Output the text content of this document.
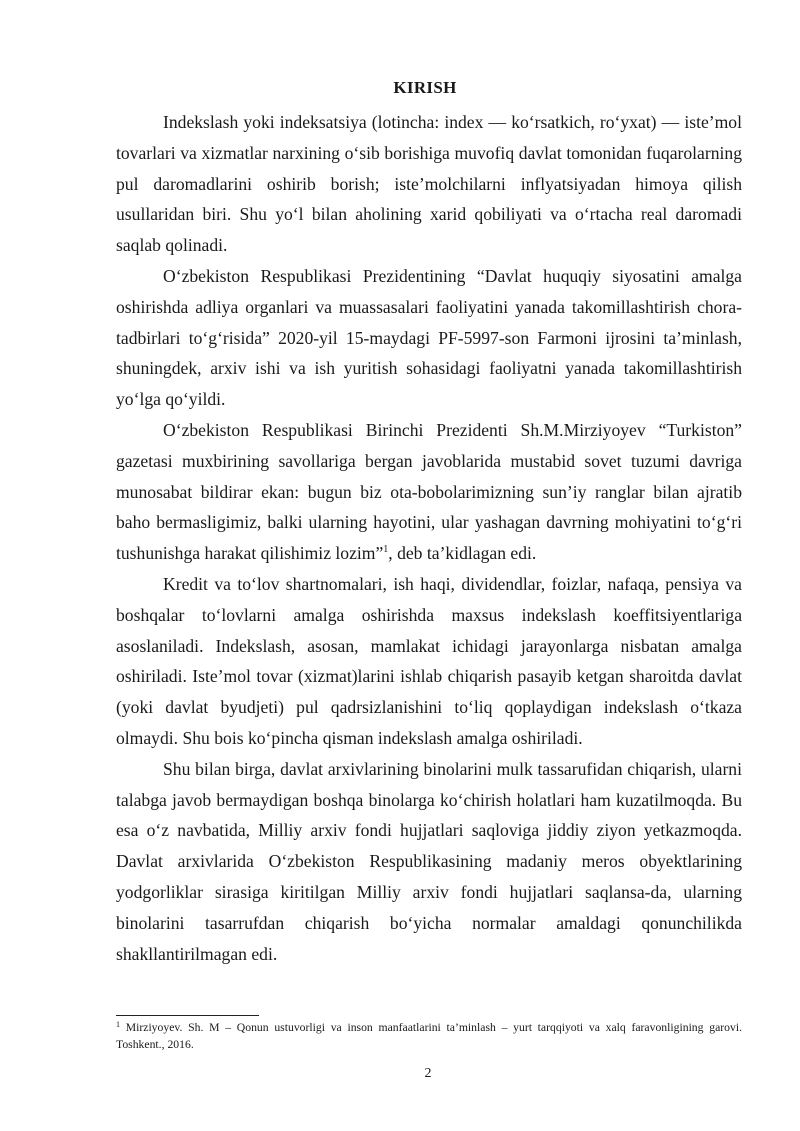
KIRISH

Indekslash yoki indeksatsiya (lotincha: index — ko‘rsatkich, ro‘yxat) — iste’mol tovarlari va xizmatlar narxining o‘sib borishiga muvofiq davlat tomonidan fuqarolarning pul daromadlarini oshirib borish; iste’molchilarni inflyatsiyadan himoya qilish usullaridan biri. Shu yo‘l bilan aholining xarid qobiliyati va o‘rtacha real daromadi saqlab qolinadi.

O‘zbekiston Respublikasi Prezidentining “Davlat huquqiy siyosatini amalga oshirishda adliya organlari va muassasalari faoliyatini yanada takomillashtirish chora-tadbirlari to‘g‘risida” 2020-yil 15-maydagi PF-5997-son Farmoni ijrosini ta’minlash, shuningdek, arxiv ishi va ish yuritish sohasidagi faoliyatni yanada takomillashtirish yo‘lga qo‘yildi.

O‘zbekiston Respublikasi Birinchi Prezidenti Sh.M.Mirziyoyev “Turkiston” gazetasi muxbirining savollariga bergan javoblarida mustabid sovet tuzumi davriga munosabat bildirar ekan: bugun biz ota-bobolarimizning sun’iy ranglar bilan ajratib baho bermasligimiz, balki ularning hayotini, ular yashagan davrning mohiyatini to‘g‘ri tushunishga harakat qilishimiz lozim”$^1$, deb ta’kidlagan edi.

Kredit va to‘lov shartnomalari, ish haqi, dividendlar, foizlar, nafaqa, pensiya va boshqalar to‘lovlarni amalga oshirishda maxsus indekslash koeffitsiyentlariga asoslaniladi. Indekslash, asosan, mamlakat ichidagi jarayonlarga nisbatan amalga oshiriladi. Iste’mol tovar (xizmat)larini ishlab chiqarish pasayib ketgan sharoitda davlat (yoki davlat byudjeti) pul qadrsizlanishini to‘liq qoplaydigan indekslash o‘tkaza olmaydi. Shu bois ko‘pincha qisman indekslash amalga oshiriladi.

Shu bilan birga, davlat arxivlarining binolarini mulk tassarufidan chiqarish, ularni talabga javob bermaydigan boshqa binolarga ko‘chirish holatlari ham kuzatilmoqda. Bu esa o‘z navbatida, Milliy arxiv fondi hujjatlari saqloviga jiddiy ziyon yetkazmoqda. Davlat arxivlarida O‘zbekiston Respublikasining madaniy meros obyektlarining yodgorliklar sirasiga kiritilgan Milliy arxiv fondi hujjatlari saqlansa-da, ularning binolarini tasarrufdan chiqarish bo‘yicha normalar amaldagi qonunchilikda shakllantirilmagan edi.

$^1$ Mirziyoyev. Sh. M – Qonun ustuvorligi va inson manfaatlarini ta’minlash – yurt tarqqiyoti va xalq faravonligining garovi. Toshkent., 2016.
2
